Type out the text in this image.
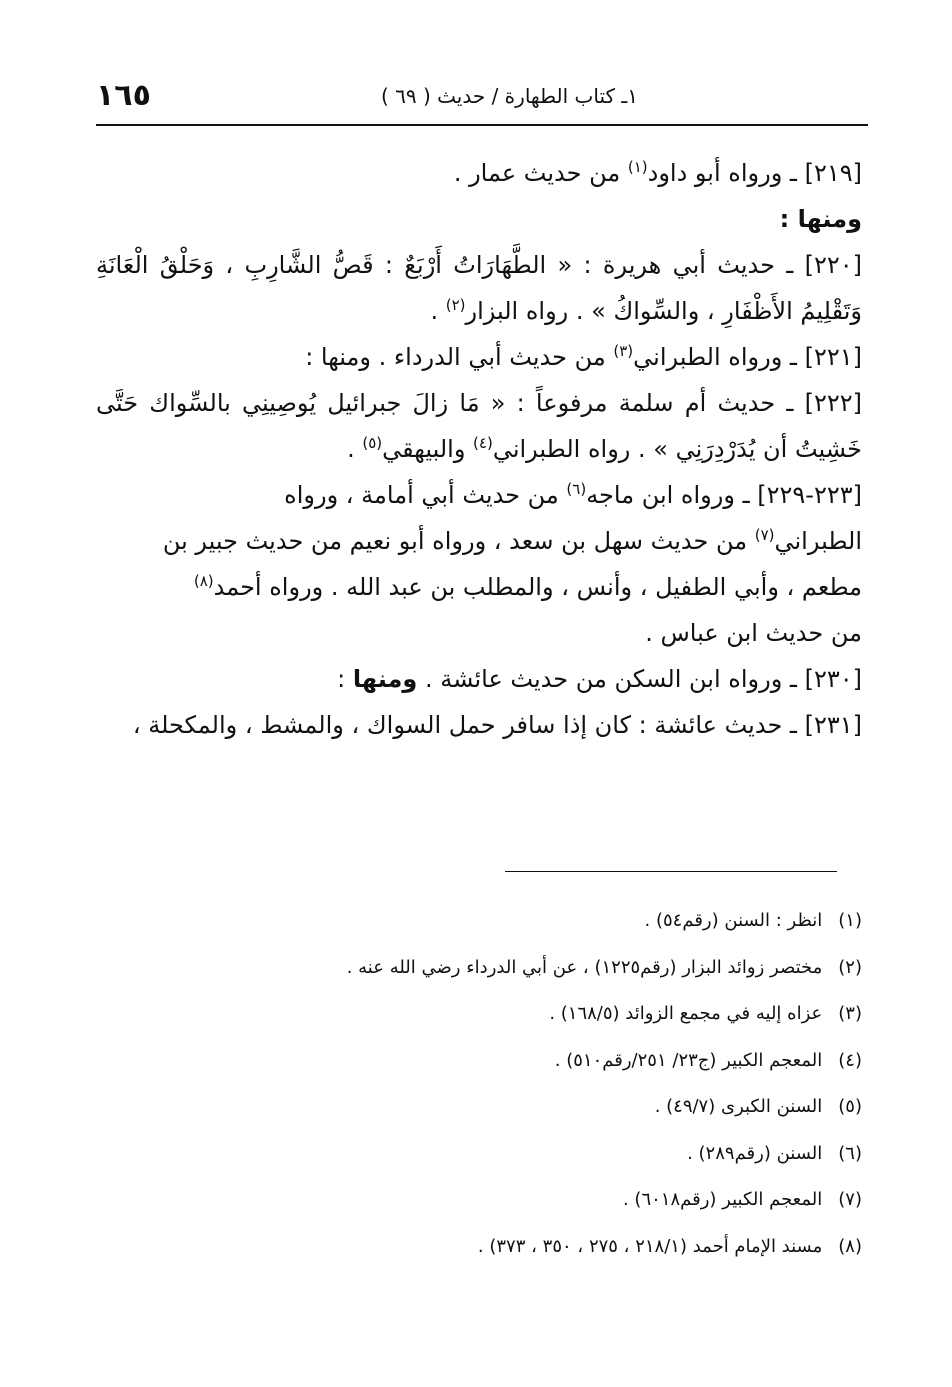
١٦٥	١ـ كتاب الطهارة / حديث ( ٦٩ )
[٢١٩] ـ ورواه أبو داود$^{(١)}$ من حديث عمار .
ومنها :
[٢٢٠] ـ حديث أبي هريرة : « الطَّهَارَاتُ أَرْبَعٌ : قَصُّ الشَّارِبِ ، وَحَلْقُ الْعَانَةِ
وَتَقْلِيمُ الأَظْفَارِ ، والسِّواكُ » . رواه البزار$^{(٢)}$ .
[٢٢١] ـ ورواه الطبراني$^{(٣)}$ من حديث أبي الدرداء . ومنها :
[٢٢٢] ـ حديث أم سلمة مرفوعاً : « مَا زالَ جبرائيل يُوصِينِي بالسِّواك حَتَّى
خَشِيتُ أن يُدَرْدِرَنِي » . رواه الطبراني$^{(٤)}$ والبيهقي$^{(٥)}$ .
[٢٢٣-٢٢٩] ـ ورواه ابن ماجه$^{(٦)}$ من حديث أبي أمامة ، ورواه
الطبراني$^{(٧)}$ من حديث سهل بن سعد ، ورواه أبو نعيم من حديث جبير بن
مطعم ، وأبي الطفيل ، وأنس ، والمطلب بن عبد الله . ورواه أحمد$^{(٨)}$
من حديث ابن عباس .
[٢٣٠] ـ ورواه ابن السكن من حديث عائشة . ومنها :
[٢٣١] ـ حديث عائشة : كان إذا سافر حمل السواك ، والمشط ، والمكحلة ،
(١) انظر : السنن (رقم٥٤) .
(٢) مختصر زوائد البزار (رقم١٢٢٥) ، عن أبي الدرداء رضي الله عنه .
(٣) عزاه إليه في مجمع الزوائد (١٦٨/٥) .
(٤) المعجم الكبير (ج٢٣/ ٢٥١/رقم٥١٠) .
(٥) السنن الكبرى (٤٩/٧) .
(٦) السنن (رقم٢٨٩) .
(٧) المعجم الكبير (رقم٦٠١٨) .
(٨) مسند الإمام أحمد (٢١٨/١ ، ٢٧٥ ، ٣٥٠ ، ٣٧٣) .
